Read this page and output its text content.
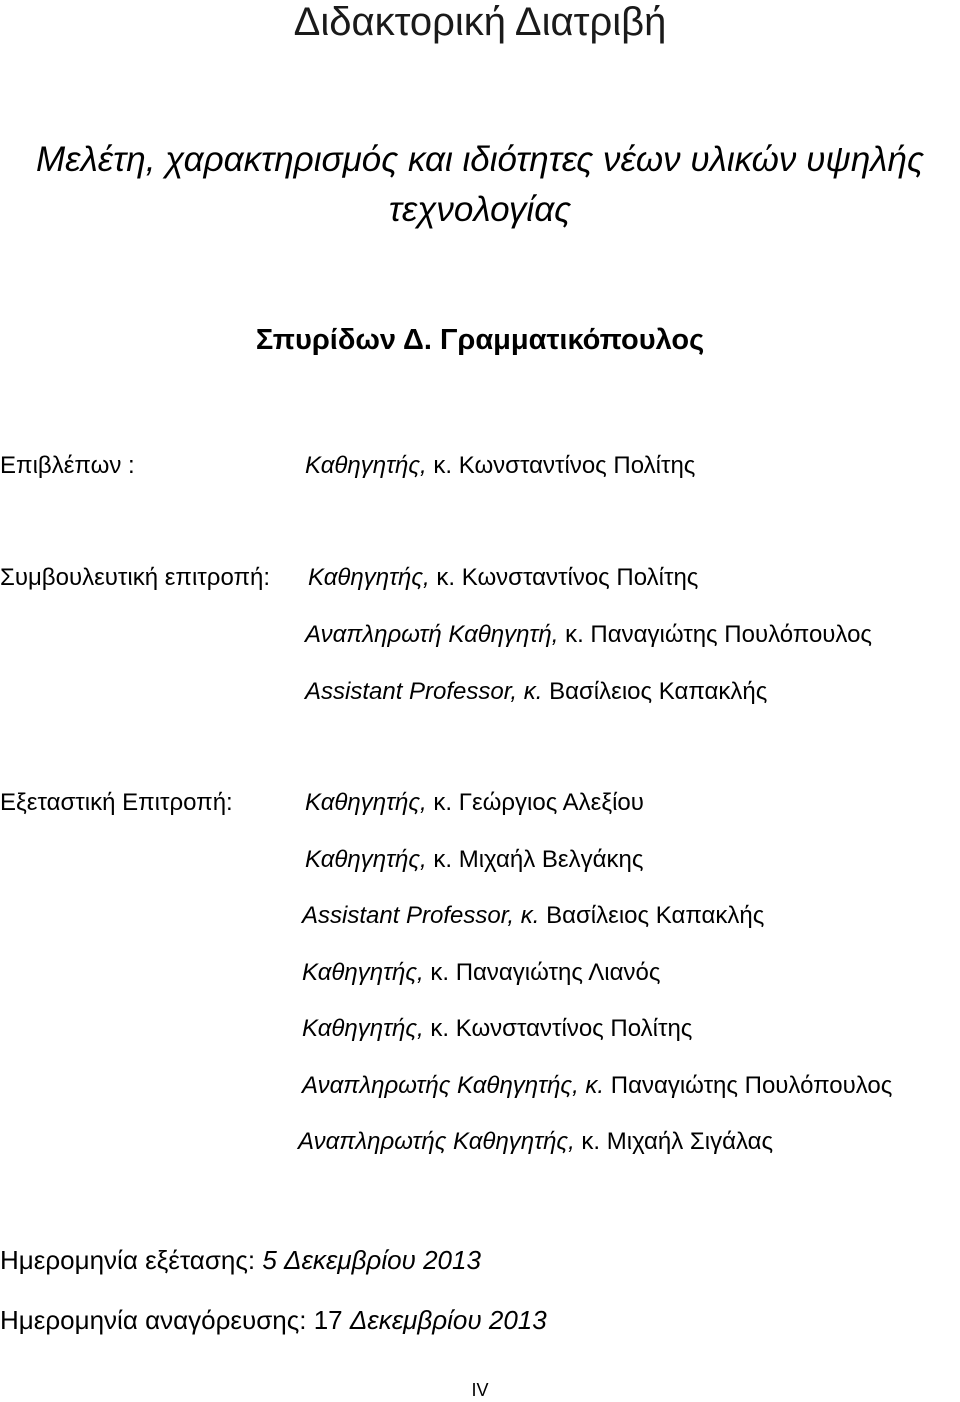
Διδακτορική Διατριβή
Μελέτη, χαρακτηρισμός και ιδιότητες νέων υλικών υψηλής
τεχνολογίας
Σπυρίδων Δ. Γραμματικόπουλος
Επιβλέπων :	Καθηγητής, κ. Κωνσταντίνος Πολίτης
Συμβουλευτική επιτροπή: Καθηγητής, κ. Κωνσταντίνος Πολίτης
Αναπληρωτή Καθηγητή, κ. Παναγιώτης Πουλόπουλος
Assistant Professor, κ. Βασίλειος Καπακλής
Εξεταστική Επιτροπή:	Καθηγητής, κ. Γεώργιος Αλεξίου
Καθηγητής, κ. Μιχαήλ Βελγάκης
Assistant Professor, κ. Βασίλειος Καπακλής
Καθηγητής, κ. Παναγιώτης Λιανός
Καθηγητής, κ. Κωνσταντίνος Πολίτης
Αναπληρωτής Καθηγητής, κ. Παναγιώτης Πουλόπουλος
Αναπληρωτής Καθηγητής, κ. Μιχαήλ Σιγάλας
Ημερομηνία εξέτασης: 5 Δεκεμβρίου 2013
Ημερομηνία αναγόρευσης: 17 Δεκεμβρίου 2013
IV
